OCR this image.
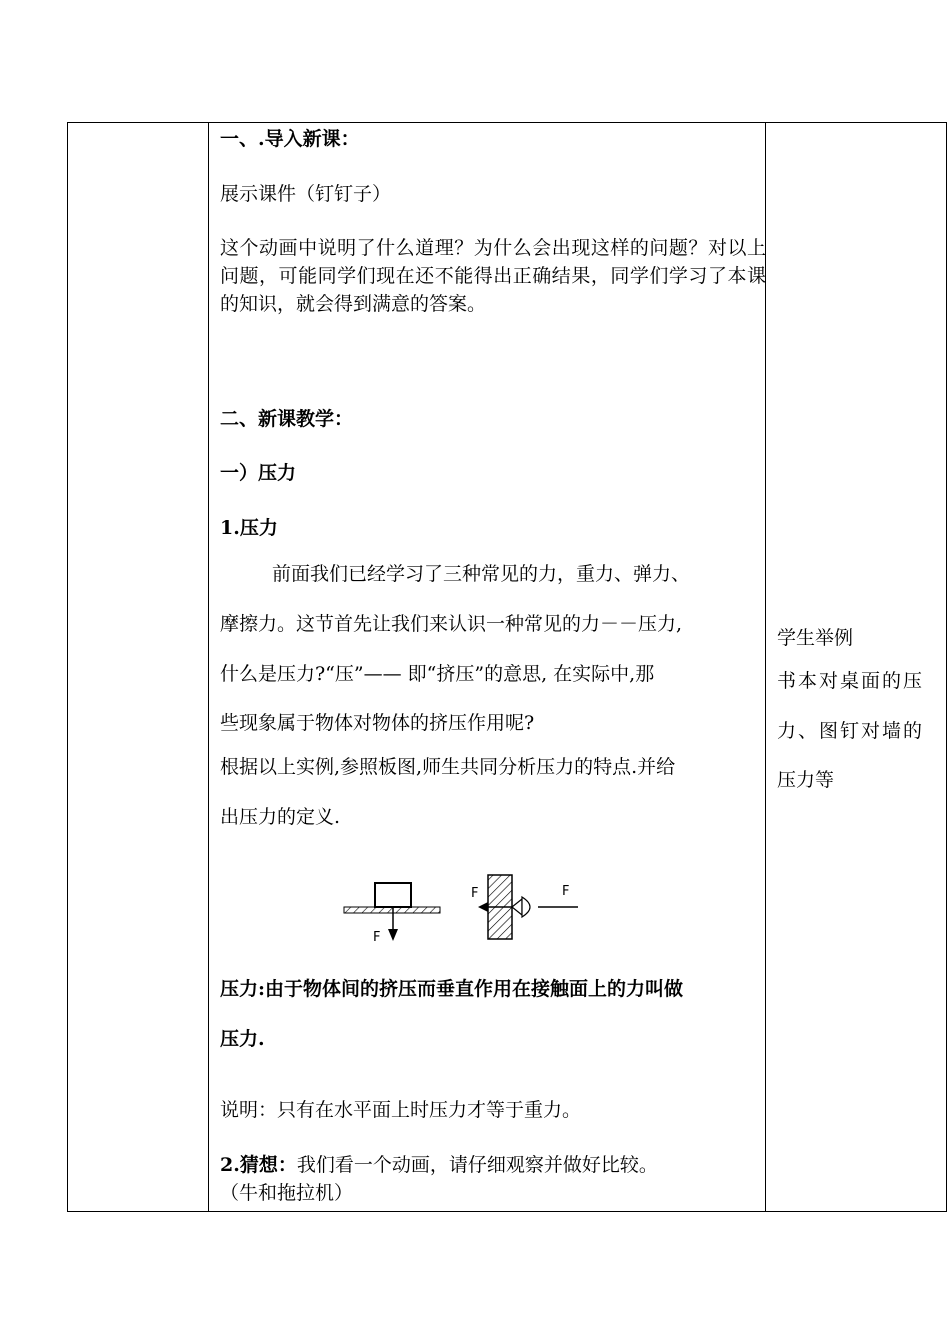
一、.导入新课：

展示课件（钉钉子）

这个动画中说明了什么道理？为什么会出现这样的问题？对以上问题，可能同学们现在还不能得出正确结果，同学们学习了本课的知识，就会得到满意的答案。

二、新课教学：

一）压力

1.压力

前面我们已经学习了三种常见的力，重力、弹力、

摩擦力。这节首先让我们来认识一种常见的力－－压力,

什么是压力?“压”—— 即“挤压”的意思, 在实际中,那

些现象属于物体对物体的挤压作用呢?

根据以上实例,参照板图,师生共同分析压力的特点.并给

出压力的定义.

F
F	F

压力:由于物体间的挤压而垂直作用在接触面上的力叫做

压力.

说明：只有在水平面上时压力才等于重力。

2.猜想：我们看一个动画，请仔细观察并做好比较。

（牛和拖拉机）

学生举例

书本对桌面的压

力、图钉对墙的

压力等
